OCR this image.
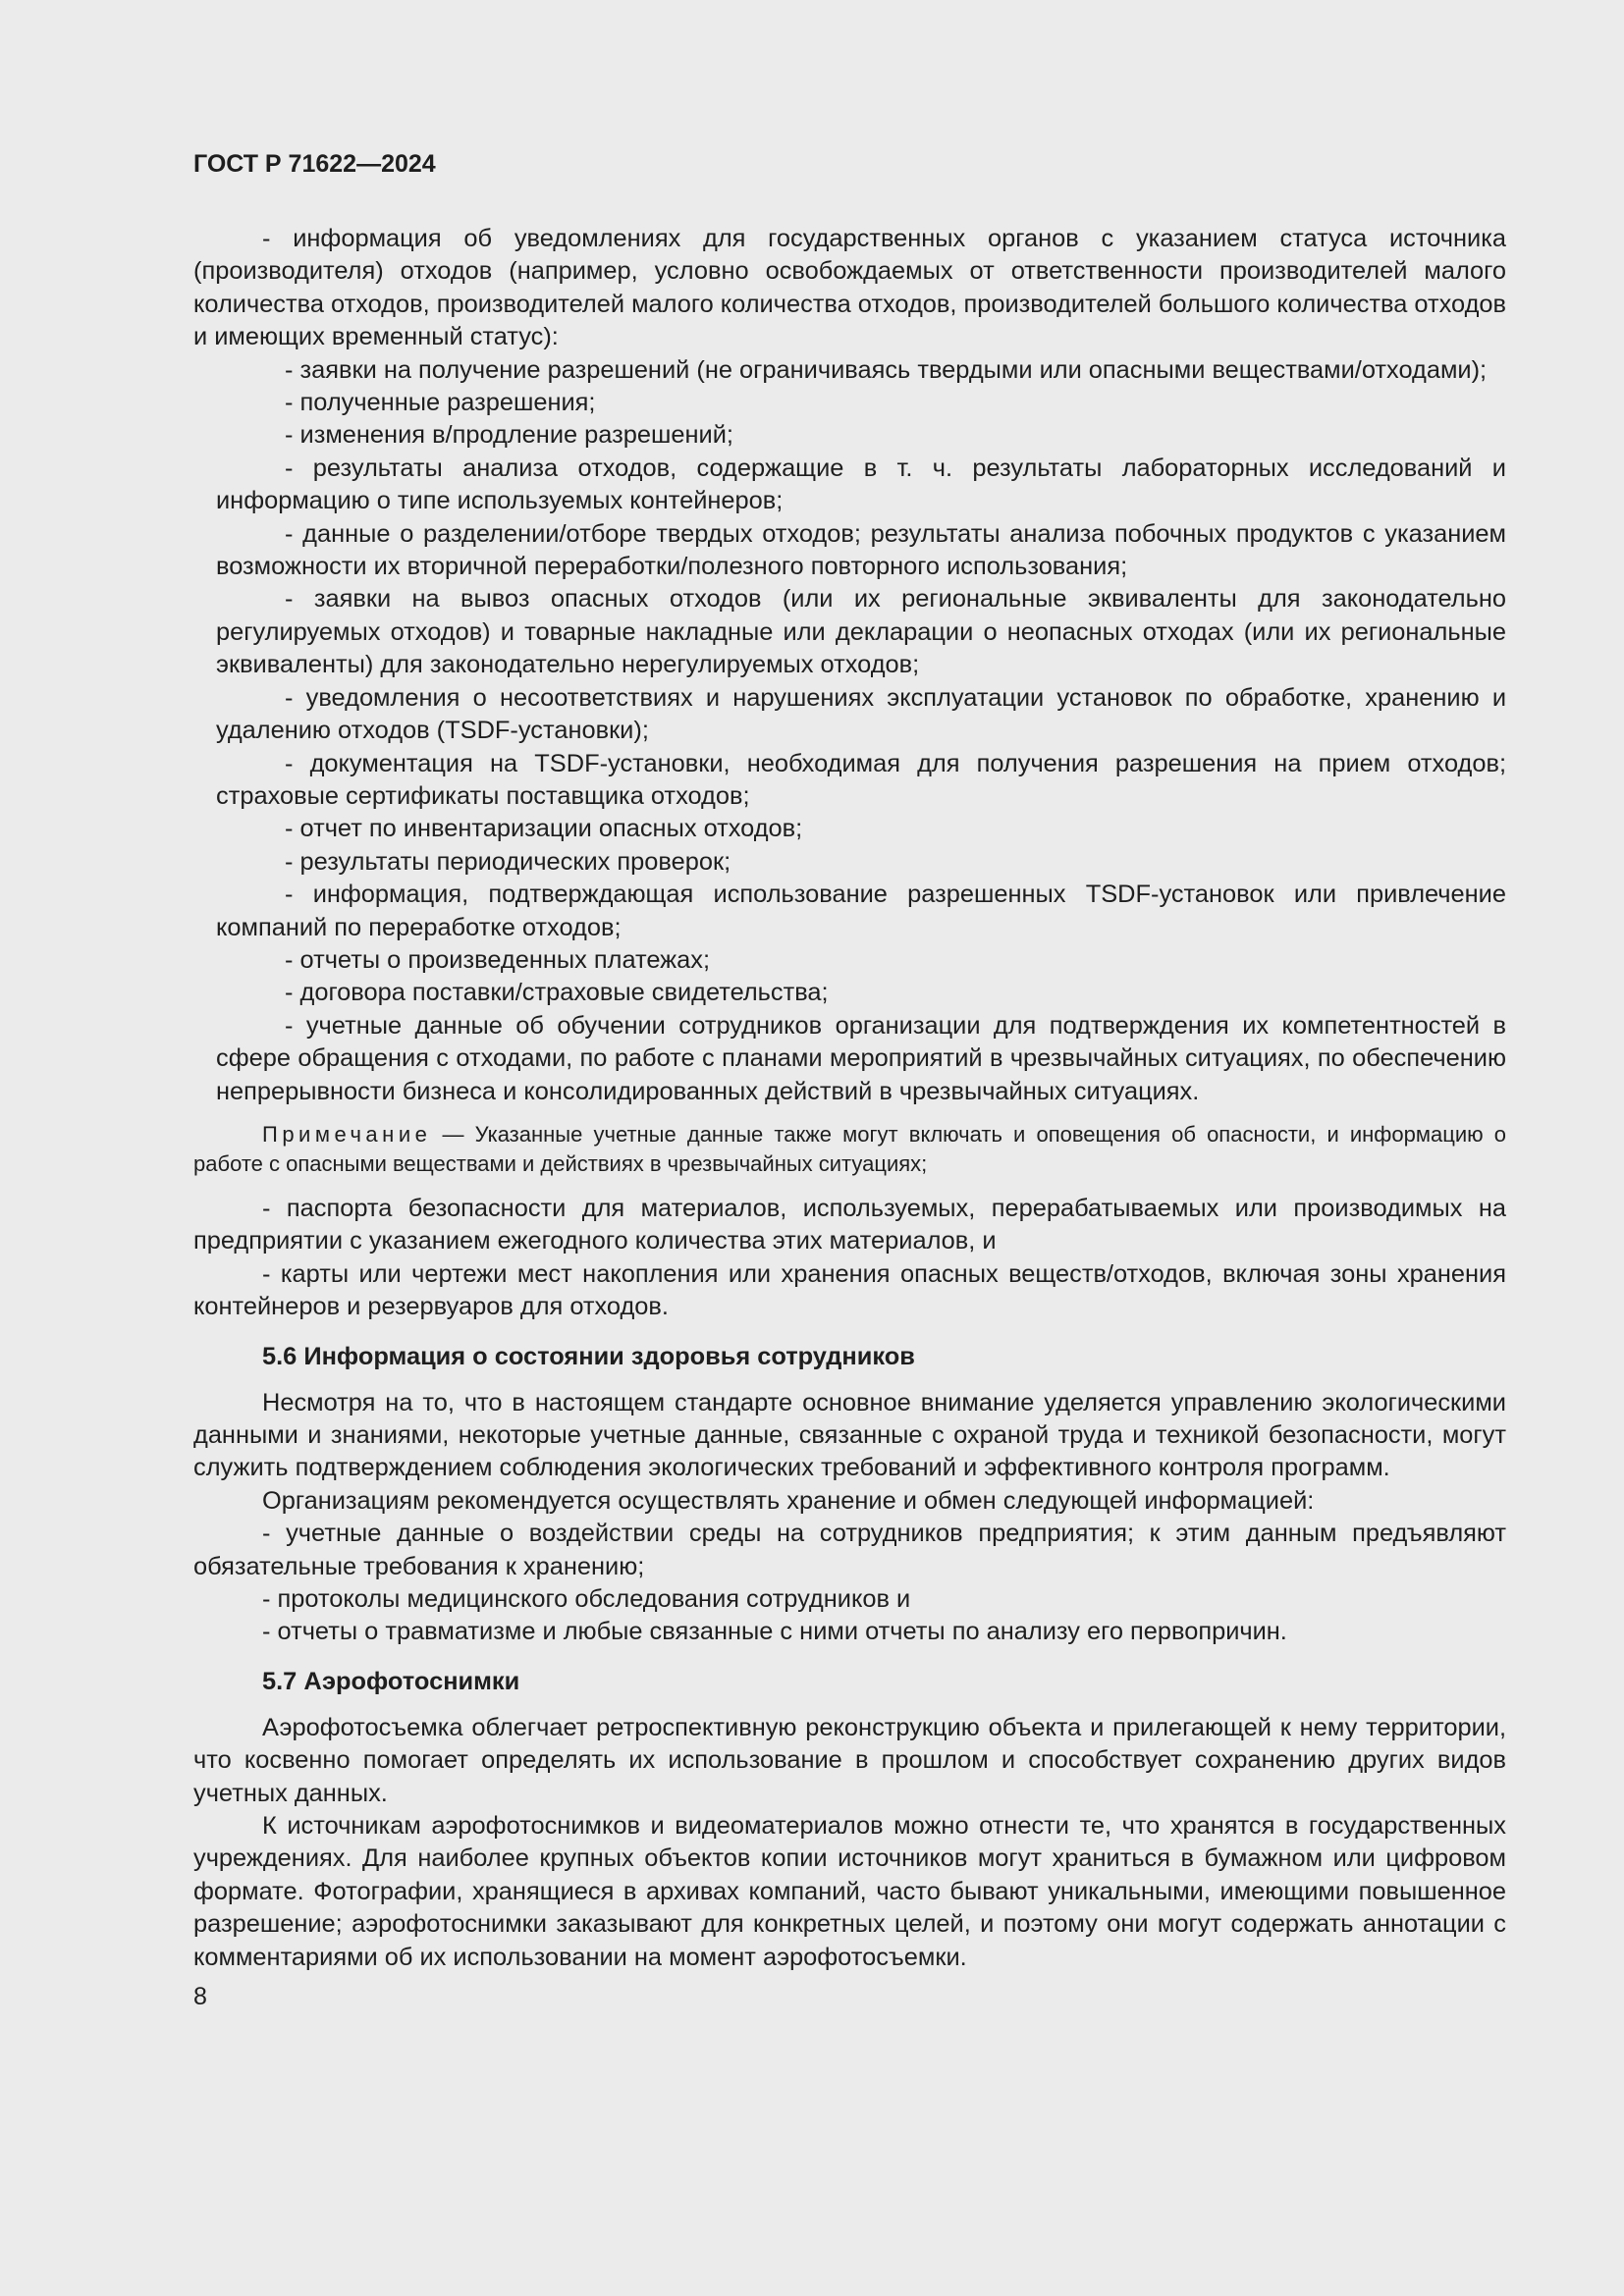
ГОСТ Р 71622—2024

- информация об уведомлениях для государственных органов с указанием статуса источника (производителя) отходов (например, условно освобождаемых от ответственности производителей малого количества отходов, производителей малого количества отходов, производителей большого количества отходов и имеющих временный статус):

- заявки на получение разрешений (не ограничиваясь твердыми или опасными веществами/отходами);

- полученные разрешения;

- изменения в/продление разрешений;

- результаты анализа отходов, содержащие в т. ч. результаты лабораторных исследований и информацию о типе используемых контейнеров;

- данные о разделении/отборе твердых отходов; результаты анализа побочных продуктов с указанием возможности их вторичной переработки/полезного повторного использования;

- заявки на вывоз опасных отходов (или их региональные эквиваленты для законодательно регулируемых отходов) и товарные накладные или декларации о неопасных отходах (или их региональные эквиваленты) для законодательно нерегулируемых отходов;

- уведомления о несоответствиях и нарушениях эксплуатации установок по обработке, хранению и удалению отходов (TSDF-установки);

- документация на TSDF-установки, необходимая для получения разрешения на прием отходов; страховые сертификаты поставщика отходов;

- отчет по инвентаризации опасных отходов;

- результаты периодических проверок;

- информация, подтверждающая использование разрешенных TSDF-установок или привлечение компаний по переработке отходов;

- отчеты о произведенных платежах;

- договора поставки/страховые свидетельства;

- учетные данные об обучении сотрудников организации для подтверждения их компетентностей в сфере обращения с отходами, по работе с планами мероприятий в чрезвычайных ситуациях, по обеспечению непрерывности бизнеса и консолидированных действий в чрезвычайных ситуациях.

Примечание — Указанные учетные данные также могут включать и оповещения об опасности, и информацию о работе с опасными веществами и действиях в чрезвычайных ситуациях;

- паспорта безопасности для материалов, используемых, перерабатываемых или производимых на предприятии с указанием ежегодного количества этих материалов, и

- карты или чертежи мест накопления или хранения опасных веществ/отходов, включая зоны хранения контейнеров и резервуаров для отходов.

5.6 Информация о состоянии здоровья сотрудников

Несмотря на то, что в настоящем стандарте основное внимание уделяется управлению экологическими данными и знаниями, некоторые учетные данные, связанные с охраной труда и техникой безопасности, могут служить подтверждением соблюдения экологических требований и эффективного контроля программ.

Организациям рекомендуется осуществлять хранение и обмен следующей информацией:

- учетные данные о воздействии среды на сотрудников предприятия; к этим данным предъявляют обязательные требования к хранению;

- протоколы медицинского обследования сотрудников и

- отчеты о травматизме и любые связанные с ними отчеты по анализу его первопричин.

5.7 Аэрофотоснимки

Аэрофотосъемка облегчает ретроспективную реконструкцию объекта и прилегающей к нему территории, что косвенно помогает определять их использование в прошлом и способствует сохранению других видов учетных данных.

К источникам аэрофотоснимков и видеоматериалов можно отнести те, что хранятся в государственных учреждениях. Для наиболее крупных объектов копии источников могут храниться в бумажном или цифровом формате. Фотографии, хранящиеся в архивах компаний, часто бывают уникальными, имеющими повышенное разрешение; аэрофотоснимки заказывают для конкретных целей, и поэтому они могут содержать аннотации с комментариями об их использовании на момент аэрофотосъемки.

8
